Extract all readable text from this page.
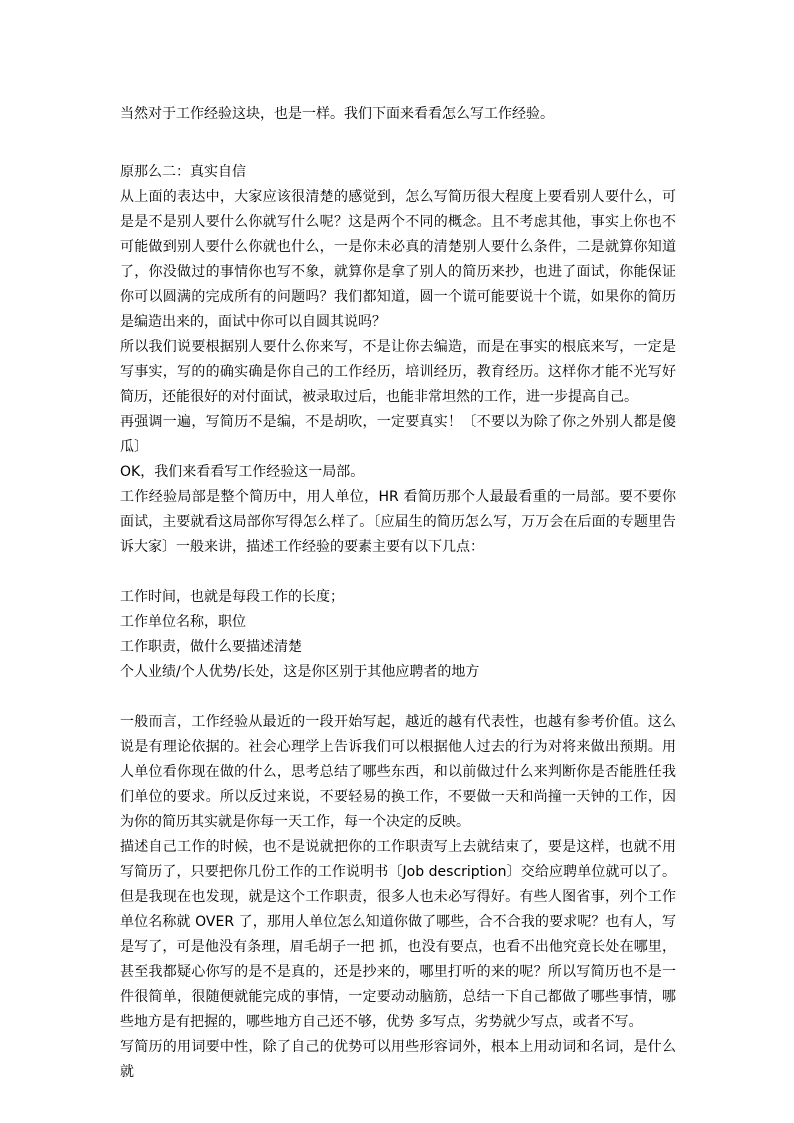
当然对于工作经验这块，也是一样。我们下面来看看怎么写工作经验。

原那么二：真实自信

从上面的表达中，大家应该很清楚的感觉到，怎么写简历很大程度上要看别人要什么，可是是不是别人要什么你就写什么呢？这是两个不同的概念。且不考虑其他，事实上你也不可能做到别人要什么你就也什么，一是你未必真的清楚别人要什么条件，二是就算你知道了，你没做过的事情你也写不象，就算你是拿了别人的简历来抄，也进了面试，你能保证你可以圆满的完成所有的问题吗？我们都知道，圆一个谎可能要说十个谎，如果你的简历是编造出来的，面试中你可以自圆其说吗？

所以我们说要根据别人要什么你来写，不是让你去编造，而是在事实的根底来写，一定是写事实，写的的确实确是你自己的工作经历，培训经历，教育经历。这样你才能不光写好简历，还能很好的对付面试，被录取过后，也能非常坦然的工作，进一步提高自己。

再强调一遍，写简历不是编，不是胡吹，一定要真实！〔不要以为除了你之外别人都是傻瓜〕

OK，我们来看看写工作经验这一局部。

工作经验局部是整个简历中，用人单位，HR 看简历那个人最最看重的一局部。要不要你面试，主要就看这局部你写得怎么样了。〔应届生的简历怎么写，万万会在后面的专题里告诉大家〕一般来讲，描述工作经验的要素主要有以下几点：

工作时间，也就是每段工作的长度；

工作单位名称，职位

工作职责，做什么要描述清楚

个人业绩/个人优势/长处，这是你区别于其他应聘者的地方

一般而言，工作经验从最近的一段开始写起，越近的越有代表性，也越有参考价值。这么说是有理论依据的。社会心理学上告诉我们可以根据他人过去的行为对将来做出预期。用人单位看你现在做的什么，思考总结了哪些东西，和以前做过什么来判断你是否能胜任我们单位的要求。所以反过来说，不要轻易的换工作，不要做一天和尚撞一天钟的工作，因为你的简历其实就是你每一天工作，每一个决定的反映。

描述自己工作的时候，也不是说就把你的工作职责写上去就结束了，要是这样，也就不用写简历了，只要把你几份工作的工作说明书〔Job description〕交给应聘单位就可以了。但是我现在也发现，就是这个工作职责，很多人也未必写得好。有些人图省事，列个工作单位名称就 OVER 了，那用人单位怎么知道你做了哪些，合不合我的要求呢？也有人，写是写了，可是他没有条理，眉毛胡子一把 抓，也没有要点，也看不出他究竟长处在哪里，甚至我都疑心你写的是不是真的，还是抄来的，哪里打听的来的呢？所以写简历也不是一件很简单，很随便就能完成的事情，一定要动动脑筋，总结一下自己都做了哪些事情，哪些地方是有把握的，哪些地方自己还不够，优势 多写点，劣势就少写点，或者不写。

写简历的用词要中性，除了自己的优势可以用些形容词外，根本上用动词和名词，是什么就
